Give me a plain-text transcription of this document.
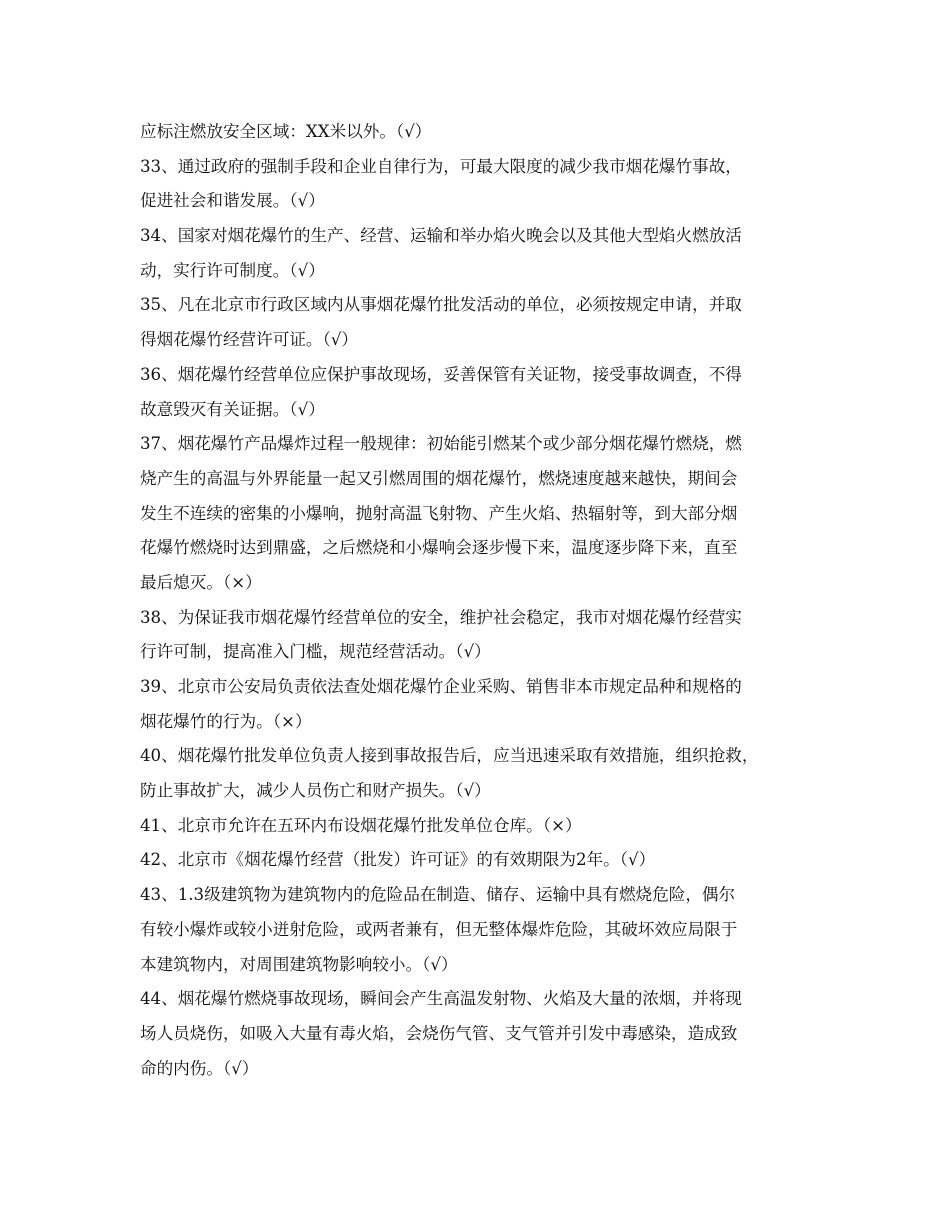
应标注燃放安全区域：XX米以外。（√）
33、通过政府的强制手段和企业自律行为，可最大限度的减少我市烟花爆竹事故，
促进社会和谐发展。（√）
34、国家对烟花爆竹的生产、经营、运输和举办焰火晚会以及其他大型焰火燃放活
动，实行许可制度。（√）
35、凡在北京市行政区域内从事烟花爆竹批发活动的单位，必须按规定申请，并取
得烟花爆竹经营许可证。（√）
36、烟花爆竹经营单位应保护事故现场，妥善保管有关证物，接受事故调查，不得
故意毁灭有关证据。（√）
37、烟花爆竹产品爆炸过程一般规律：初始能引燃某个或少部分烟花爆竹燃烧，燃
烧产生的高温与外界能量一起又引燃周围的烟花爆竹，燃烧速度越来越快，期间会
发生不连续的密集的小爆响，抛射高温飞射物、产生火焰、热辐射等，到大部分烟
花爆竹燃烧时达到鼎盛，之后燃烧和小爆响会逐步慢下来，温度逐步降下来，直至
最后熄灭。（×）
38、为保证我市烟花爆竹经营单位的安全，维护社会稳定，我市对烟花爆竹经营实
行许可制，提高准入门槛，规范经营活动。（√）
39、北京市公安局负责依法查处烟花爆竹企业采购、销售非本市规定品种和规格的
烟花爆竹的行为。（×）
40、烟花爆竹批发单位负责人接到事故报告后，应当迅速采取有效措施，组织抢救，
防止事故扩大，减少人员伤亡和财产损失。（√）
41、北京市允许在五环内布设烟花爆竹批发单位仓库。（×）
42、北京市《烟花爆竹经营（批发）许可证》的有效期限为2年。（√）
43、1.3级建筑物为建筑物内的危险品在制造、储存、运输中具有燃烧危险，偶尔
有较小爆炸或较小迸射危险，或两者兼有，但无整体爆炸危险，其破坏效应局限于
本建筑物内，对周围建筑物影响较小。（√）
44、烟花爆竹燃烧事故现场，瞬间会产生高温发射物、火焰及大量的浓烟，并将现
场人员烧伤，如吸入大量有毒火焰，会烧伤气管、支气管并引发中毒感染，造成致
命的内伤。（√）
